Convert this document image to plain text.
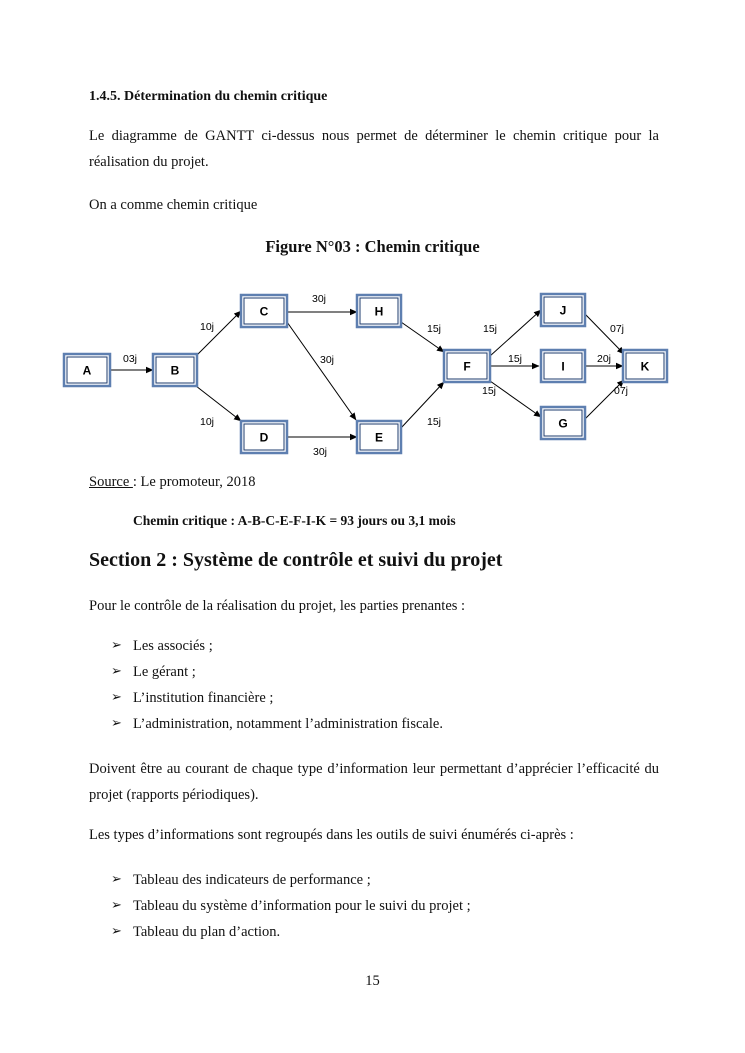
1.4.5. Détermination du chemin critique

Le diagramme de GANTT ci-dessus nous permet de déterminer le chemin critique pour la réalisation du projet.

On a comme chemin critique

Figure N°03 : Chemin critique
03j
10j
10j
30j
30j
30j
15j
15j
15j
15j
15j
07j
20j
07j
A	B
C
D
H
E
F
J
I
G
K
Source : Le promoteur, 2018
Chemin critique : A-B-C-E-F-I-K = 93 jours ou 3,1 mois
Section 2 : Système de contrôle et suivi du projet

Pour le contrôle de la réalisation du projet, les parties prenantes :

➢ Les associés ;
➢ Le gérant ;
➢ L’institution financière ;
➢ L’administration, notamment l’administration fiscale.

Doivent être au courant de chaque type d’information leur permettant d’apprécier l’efficacité du projet (rapports périodiques).

Les types d’informations sont regroupés dans les outils de suivi énumérés ci-après :

➢ Tableau des indicateurs de performance ;
➢ Tableau du système d’information pour le suivi du projet ;
➢ Tableau du plan d’action.
15
